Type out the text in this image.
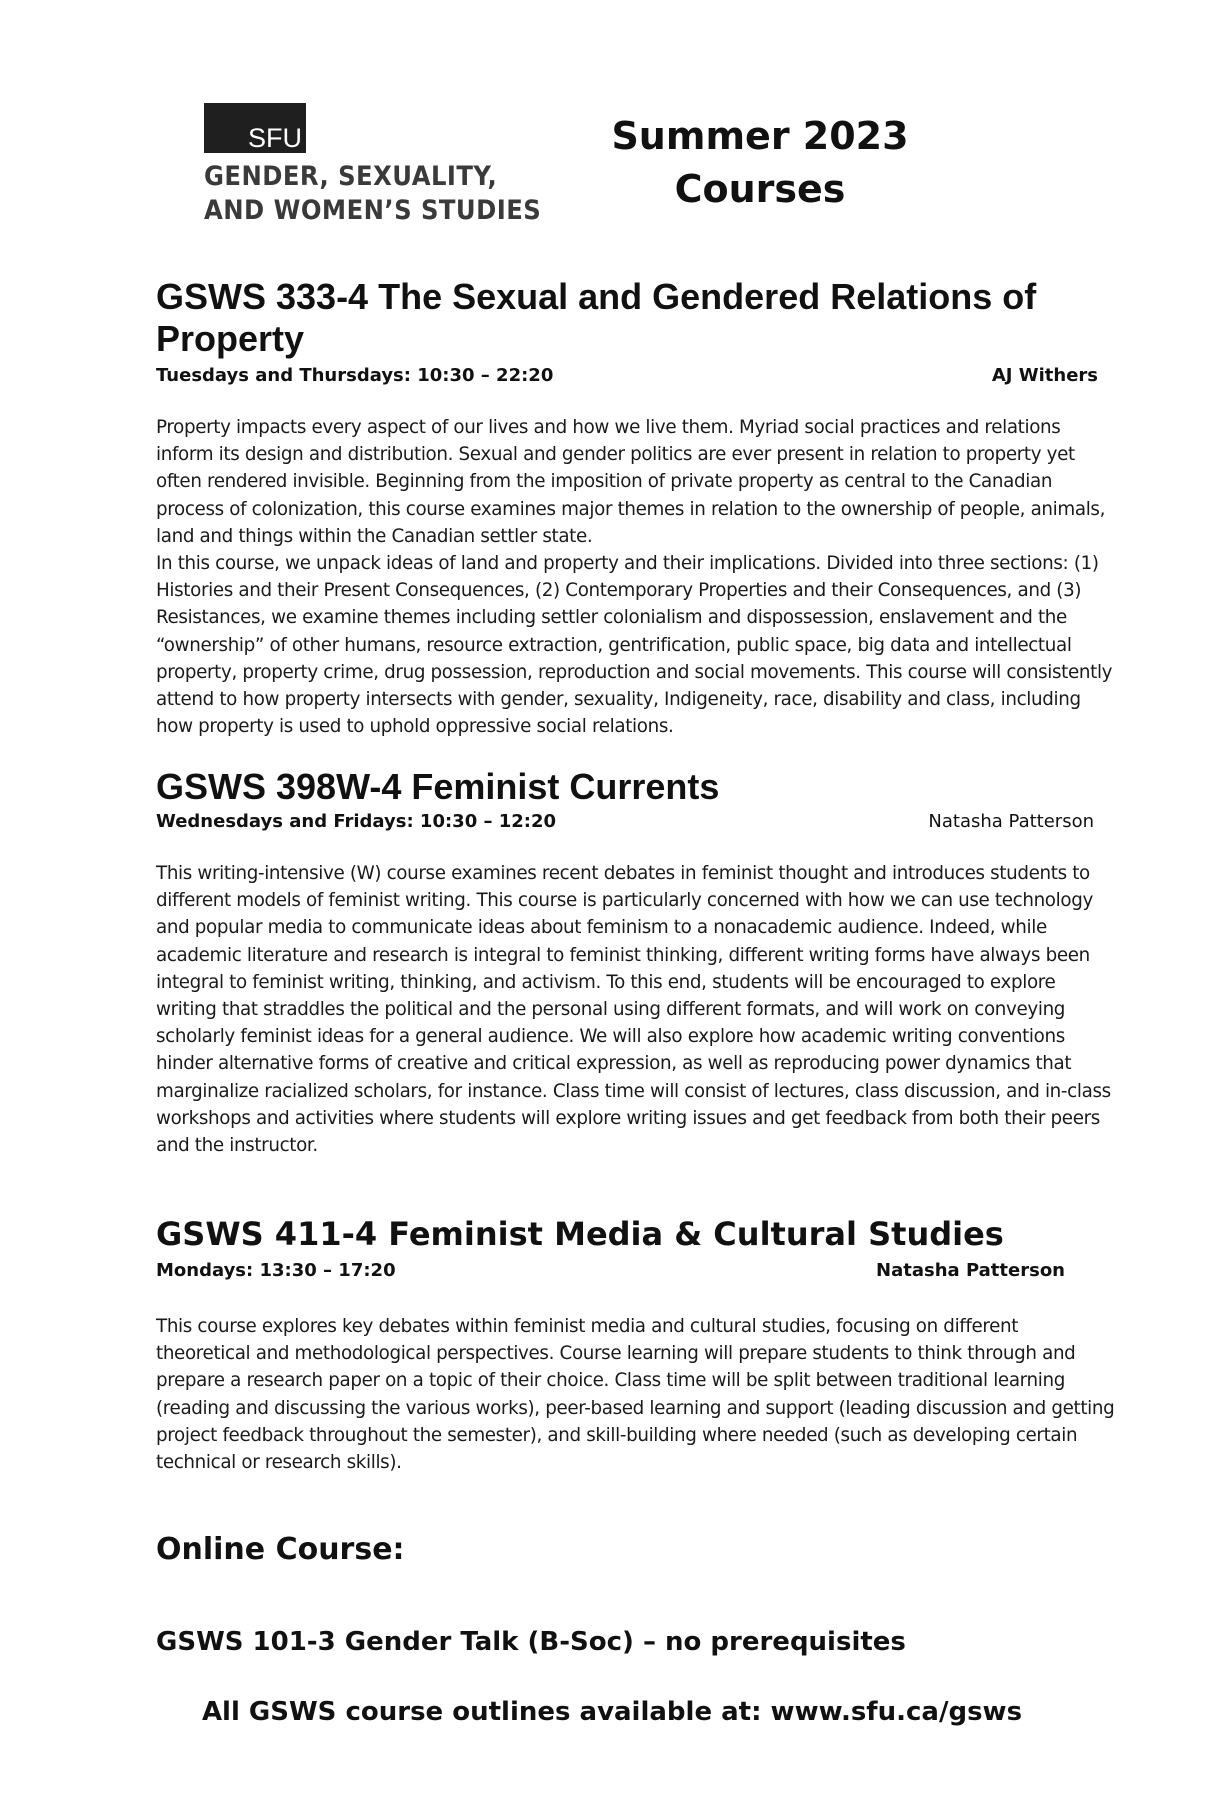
SFU
GENDER, SEXUALITY,
AND WOMEN’S STUDIES
Summer 2023
Courses
GSWS 333-4 The Sexual and Gendered Relations of Property
Tuesdays and Thursdays: 10:30 – 22:20	AJ Withers

Property impacts every aspect of our lives and how we live them. Myriad social practices and relations inform its design and distribution. Sexual and gender politics are ever present in relation to property yet often rendered invisible. Beginning from the imposition of private property as central to the Canadian process of colonization, this course examines major themes in relation to the ownership of people, animals, land and things within the Canadian settler state.

In this course, we unpack ideas of land and property and their implications. Divided into three sections: (1) Histories and their Present Consequences, (2) Contemporary Properties and their Consequences, and (3) Resistances, we examine themes including settler colonialism and dispossession, enslavement and the “ownership” of other humans, resource extraction, gentrification, public space, big data and intellectual property, property crime, drug possession, reproduction and social movements. This course will consistently attend to how property intersects with gender, sexuality, Indigeneity, race, disability and class, including how property is used to uphold oppressive social relations.

GSWS 398W-4 Feminist Currents
Wednesdays and Fridays: 10:30 – 12:20	Natasha Patterson

This writing-intensive (W) course examines recent debates in feminist thought and introduces students to different models of feminist writing. This course is particularly concerned with how we can use technology and popular media to communicate ideas about feminism to a nonacademic audience. Indeed, while academic literature and research is integral to feminist thinking, different writing forms have always been integral to feminist writing, thinking, and activism. To this end, students will be encouraged to explore writing that straddles the political and the personal using different formats, and will work on conveying scholarly feminist ideas for a general audience. We will also explore how academic writing conventions hinder alternative forms of creative and critical expression, as well as reproducing power dynamics that marginalize racialized scholars, for instance. Class time will consist of lectures, class discussion, and in-class workshops and activities where students will explore writing issues and get feedback from both their peers and the instructor.

GSWS 411-4 Feminist Media & Cultural Studies
Mondays: 13:30 – 17:20	Natasha Patterson

This course explores key debates within feminist media and cultural studies, focusing on different theoretical and methodological perspectives. Course learning will prepare students to think through and prepare a research paper on a topic of their choice. Class time will be split between traditional learning (reading and discussing the various works), peer-based learning and support (leading discussion and getting project feedback throughout the semester), and skill-building where needed (such as developing certain technical or research skills).

Online Course:
GSWS 101-3 Gender Talk (B-Soc) – no prerequisites
All GSWS course outlines available at: www.sfu.ca/gsws
